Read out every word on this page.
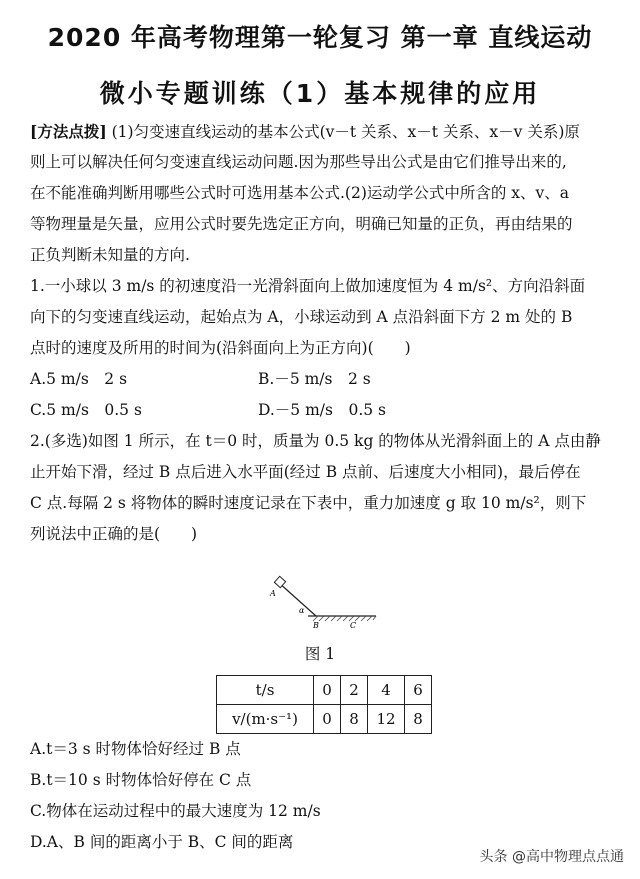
2020 年高考物理第一轮复习 第一章 直线运动
微小专题训练（1）基本规律的应用
[方法点拨] (1)匀变速直线运动的基本公式(v－t 关系、x－t 关系、x－v 关系)原
则上可以解决任何匀变速直线运动问题.因为那些导出公式是由它们推导出来的,
在不能准确判断用哪些公式时可选用基本公式.(2)运动学公式中所含的 x、v、a
等物理量是矢量，应用公式时要先选定正方向，明确已知量的正负，再由结果的
正负判断未知量的方向.
1.一小球以 3 m/s 的初速度沿一光滑斜面向上做加速度恒为 4 m/s²、方向沿斜面
向下的匀变速直线运动，起始点为 A，小球运动到 A 点沿斜面下方 2 m 处的 B
点时的速度及所用的时间为(沿斜面向上为正方向)(　　)
A.5 m/s　2 s	B.－5 m/s　2 s
C.5 m/s　0.5 s	D.－5 m/s　0.5 s
2.(多选)如图 1 所示，在 t＝0 时，质量为 0.5 kg 的物体从光滑斜面上的 A 点由静
止开始下滑，经过 B 点后进入水平面(经过 B 点前、后速度大小相同)，最后停在
C 点.每隔 2 s 将物体的瞬时速度记录在下表中，重力加速度 g 取 10 m/s²，则下
列说法中正确的是(　　)
A
α
B	C
图 1
t/s	0	2	4	6
v/(m·s⁻¹)	0	8	12	8
A.t＝3 s 时物体恰好经过 B 点
B.t＝10 s 时物体恰好停在 C 点
C.物体在运动过程中的最大速度为 12 m/s
D.A、B 间的距离小于 B、C 间的距离
头条 @高中物理点点通
